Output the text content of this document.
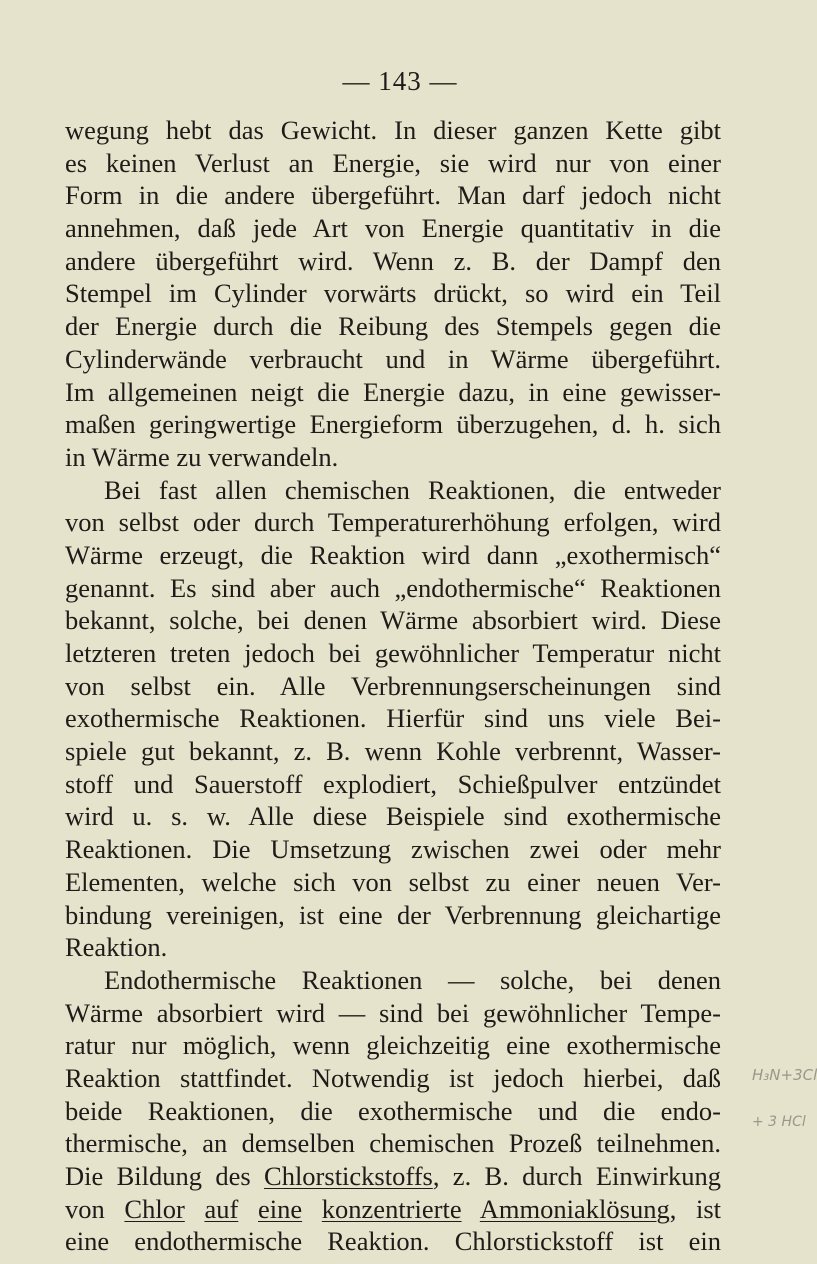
— 143 —
wegung hebt das Gewicht. In dieser ganzen Kette gibt
es keinen Verlust an Energie, sie wird nur von einer
Form in die andere übergeführt. Man darf jedoch nicht
annehmen, daß jede Art von Energie quantitativ in die
andere übergeführt wird. Wenn z. B. der Dampf den
Stempel im Cylinder vorwärts drückt, so wird ein Teil
der Energie durch die Reibung des Stempels gegen die
Cylinderwände verbraucht und in Wärme übergeführt.
Im allgemeinen neigt die Energie dazu, in eine gewisser-
maßen geringwertige Energieform überzugehen, d. h. sich
in Wärme zu verwandeln.
Bei fast allen chemischen Reaktionen, die entweder
von selbst oder durch Temperaturerhöhung erfolgen, wird
Wärme erzeugt, die Reaktion wird dann „exothermisch“
genannt. Es sind aber auch „endothermische“ Reaktionen
bekannt, solche, bei denen Wärme absorbiert wird. Diese
letzteren treten jedoch bei gewöhnlicher Temperatur nicht
von selbst ein. Alle Verbrennungserscheinungen sind
exothermische Reaktionen. Hierfür sind uns viele Bei-
spiele gut bekannt, z. B. wenn Kohle verbrennt, Wasser-
stoff und Sauerstoff explodiert, Schießpulver entzündet
wird u. s. w. Alle diese Beispiele sind exothermische
Reaktionen. Die Umsetzung zwischen zwei oder mehr
Elementen, welche sich von selbst zu einer neuen Ver-
bindung vereinigen, ist eine der Verbrennung gleichartige
Reaktion.
Endothermische Reaktionen — solche, bei denen
Wärme absorbiert wird — sind bei gewöhnlicher Tempe-
ratur nur möglich, wenn gleichzeitig eine exothermische
Reaktion stattfindet. Notwendig ist jedoch hierbei, daß
beide Reaktionen, die exothermische und die endo-
thermische, an demselben chemischen Prozeß teilnehmen.
Die Bildung des Chlorstickstoffs, z. B. durch Einwirkung
von Chlor auf eine konzentrierte Ammoniaklösung, ist
eine endothermische Reaktion. Chlorstickstoff ist ein
H₃N+3Cl
+ 3 HCl
